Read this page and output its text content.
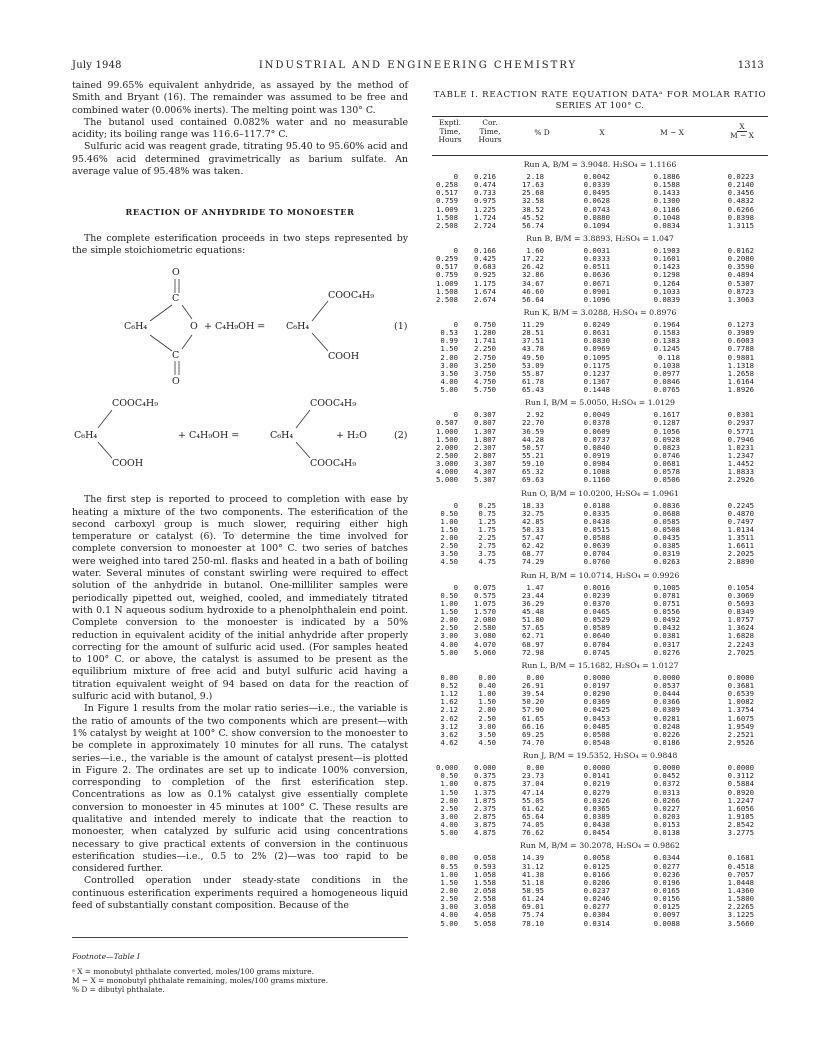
July 1948	INDUSTRIAL AND ENGINEERING CHEMISTRY	1313

tained 99.65% equivalent anhydride, as assayed by the method of Smith and Bryant (16). The remainder was assumed to be free and combined water (0.006% inerts). The melting point was 130° C.

The butanol used contained 0.082% water and no measurable acidity; its boiling range was 116.6–117.7° C.

Sulfuric acid was reagent grade, titrating 95.40 to 95.60% acid and 95.46% acid determined gravimetrically as barium sulfate. An average value of 95.48% was taken.

REACTION OF ANHYDRIDE TO MONOESTER

The complete esterification proceeds in two steps represented by the simple stoichiometric equations:

O
C
C₆H₄	O + C₄H₉OH = C₆H₄
COOC₄H₉
COOH
C
O
(1)
COOC₄H₉
C₆H₄
COOH
+ C₄H₉OH =	C₆H₄
COOC₄H₉
COOC₄H₉
+ H₂O	(2)

The first step is reported to proceed to completion with ease by heating a mixture of the two components. The esterification of the second carboxyl group is much slower, requiring either high temperature or catalyst (6). To determine the time involved for complete conversion to monoester at 100° C. two series of batches were weighed into tared 250-ml. flasks and heated in a bath of boiling water. Several minutes of constant swirling were required to effect solution of the anhydride in butanol. One-milliliter samples were periodically pipetted out, weighed, cooled, and immediately titrated with 0.1 N aqueous sodium hydroxide to a phenolphthalein end point. Complete conversion to the monoester is indicated by a 50% reduction in equivalent acidity of the initial anhydride after properly correcting for the amount of sulfuric acid used. (For samples heated to 100° C. or above, the catalyst is assumed to be present as the equilibrium mixture of free acid and butyl sulfuric acid having a titration equivalent weight of 94 based on data for the reaction of sulfuric acid with butanol, 9.)

In Figure 1 results from the molar ratio series—i.e., the variable is the ratio of amounts of the two components which are present—with 1% catalyst by weight at 100° C. show conversion to the monoester to be complete in approximately 10 minutes for all runs. The catalyst series—i.e., the variable is the amount of catalyst present—is plotted in Figure 2. The ordinates are set up to indicate 100% conversion, corresponding to completion of the first esterification step. Concentrations as low as 0.1% catalyst give essentially complete conversion to monoester in 45 minutes at 100° C. These results are qualitative and intended merely to indicate that the reaction to monoester, when catalyzed by sulfuric acid using concentrations necessary to give practical extents of conversion in the continuous esterification studies—i.e., 0.5 to 2% (2)—was too rapid to be considered further.

Controlled operation under steady-state conditions in the continuous esterification experiments required a homogeneous liquid feed of substantially constant composition. Because of the

Footnote—Table I
ᵃ X = monobutyl phthalate converted, moles/100 grams mixture.
M − X = monobutyl phthalate remaining, moles/100 grams mixture.
% D = dibutyl phthalate.
TABLE I. REACTION RATE EQUATION DATAᵃ FOR MOLAR RATIO
SERIES AT 100° C.
Exptl. Time, Hours
Cor. Time, Hours
% D	X	M − X
X
M − X
Run A, B/M = 3.9048. H₂SO₄ = 1.1166
0	0.216	2.18	0.0042	0.1886	0.0223
0.258	0.474	17.63	0.0339	0.1588	0.2140
0.517	0.733	25.68	0.0495	0.1433	0.3456
0.759	0.975	32.58	0.0628	0.1300	0.4832
1.009	1.225	38.52	0.0743	0.1186	0.6266
1.508	1.724	45.52	0.0880	0.1048	0.8398
2.508	2.724	56.74	0.1094	0.0834	1.3115
Run B, B/M = 3.8893, H₂SO₄ = 1.047
0	0.166	1.60	0.0031	0.1903	0.0162
0.259	0.425	17.22	0.0333	0.1601	0.2080
0.517	0.683	26.42	0.0511	0.1423	0.3590
0.759	0.925	32.86	0.0636	0.1298	0.4894
1.009	1.175	34.67	0.0671	0.1264	0.5307
1.508	1.674	46.60	0.0901	0.1033	0.8723
2.508	2.674	56.64	0.1096	0.0839	1.3063
Run K, B/M = 3.0288, H₂SO₄ = 0.8976
0	0.750	11.29	0.0249	0.1964	0.1273
0.53	1.280	28.51	0.0631	0.1583	0.3989
0.99	1.741	37.51	0.0830	0.1383	0.6003
1.50	2.250	43.78	0.0969	0.1245	0.7788
2.00	2.750	49.50	0.1095	0.118	0.9801
3.00	3.250	53.09	0.1175	0.1038	1.1318
3.50	3.750	55.87	0.1237	0.0977	1.2658
4.00	4.750	61.78	0.1367	0.0846	1.6164
5.00	5.750	65.43	0.1448	0.0765	1.8926
Run I, B/M = 5.0050, H₂SO₄ = 1.0129
0	0.307	2.92	0.0049	0.1617	0.0301
0.507	0.807	22.70	0.0378	0.1287	0.2937
1.000	1.307	36.59	0.0609	0.1056	0.5771
1.500	1.807	44.28	0.0737	0.0928	0.7946
2.000	2.307	50.57	0.0840	0.0823	1.0231
2.500	2.807	55.21	0.0919	0.0746	1.2347
3.000	3.307	59.10	0.0984	0.0681	1.4452
4.000	4.307	65.32	0.1088	0.0578	1.8833
5.000	5.307	69.63	0.1160	0.0506	2.2926
Run O, B/M = 10.0200, H₂SO₄ = 1.0961
0	0.25	18.33	0.0188	0.0836	0.2245
0.50	0.75	32.75	0.0335	0.0688	0.4870
1.00	1.25	42.85	0.0438	0.0585	0.7497
1.50	1.75	50.33	0.0515	0.0508	1.0134
2.00	2.25	57.47	0.0588	0.0435	1.3511
2.50	2.75	62.42	0.0639	0.0385	1.6611
3.50	3.75	68.77	0.0704	0.0319	2.2025
4.50	4.75	74.29	0.0760	0.0263	2.8890
Run H, B/M = 10.0714, H₂SO₄ = 0.9926
0	0.075	1.47	0.0016	0.1005	0.1054
0.50	0.575	23.44	0.0239	0.0781	0.3069
1.00	1.075	36.29	0.0370	0.0751	0.5693
1.50	1.570	45.48	0.0465	0.0556	0.8349
2.00	2.080	51.80	0.0529	0.0492	1.0757
2.50	2.580	57.65	0.0589	0.0432	1.3624
3.00	3.080	62.71	0.0640	0.0381	1.6828
4.00	4.070	68.97	0.0704	0.0317	2.2243
5.00	5.060	72.98	0.0745	0.0276	2.7025
Run L, B/M = 15.1682, H₂SO₄ = 1.0127
0.00	0.00	0.00	0.0000	0.0000	0.0000
0.52	0.40	26.91	0.0197	0.0537	0.3681
1.12	1.00	39.54	0.0290	0.0444	0.6539
1.62	1.50	50.20	0.0369	0.0366	1.0082
2.12	2.00	57.90	0.0425	0.0309	1.3754
2.62	2.50	61.65	0.0453	0.0281	1.6075
3.12	3.00	66.16	0.0485	0.0248	1.9549
3.62	3.50	69.25	0.0508	0.0226	2.2521
4.62	4.50	74.70	0.0548	0.0186	2.9526
Run J, B/M = 19.5352, H₂SO₄ = 0.9848
0.000	0.000	0.00	0.0000	0.0000	0.0000
0.50	0.375	23.73	0.0141	0.0452	0.3112
1.00	0.875	37.04	0.0219	0.0372	0.5884
1.50	1.375	47.14	0.0279	0.0313	0.8920
2.00	1.875	55.05	0.0326	0.0266	1.2247
2.50	2.375	61.62	0.0365	0.0227	1.6056
3.00	2.875	65.64	0.0389	0.0203	1.9105
4.00	3.875	74.05	0.0438	0.0153	2.8542
5.00	4.875	76.62	0.0454	0.0138	3.2775
Run M, B/M = 30.2078, H₂SO₄ = 0.9862
0.00	0.058	14.39	0.0058	0.0344	0.1681
0.55	0.593	31.12	0.0125	0.0277	0.4518
1.00	1.058	41.38	0.0166	0.0236	0.7057
1.50	1.558	51.18	0.0206	0.0196	1.0448
2.00	2.058	58.95	0.0237	0.0165	1.4360
2.50	2.558	61.24	0.0246	0.0156	1.5800
3.00	3.058	69.01	0.0277	0.0125	2.2265
4.00	4.058	75.74	0.0304	0.0097	3.1225
5.00	5.058	78.10	0.0314	0.0088	3.5660
